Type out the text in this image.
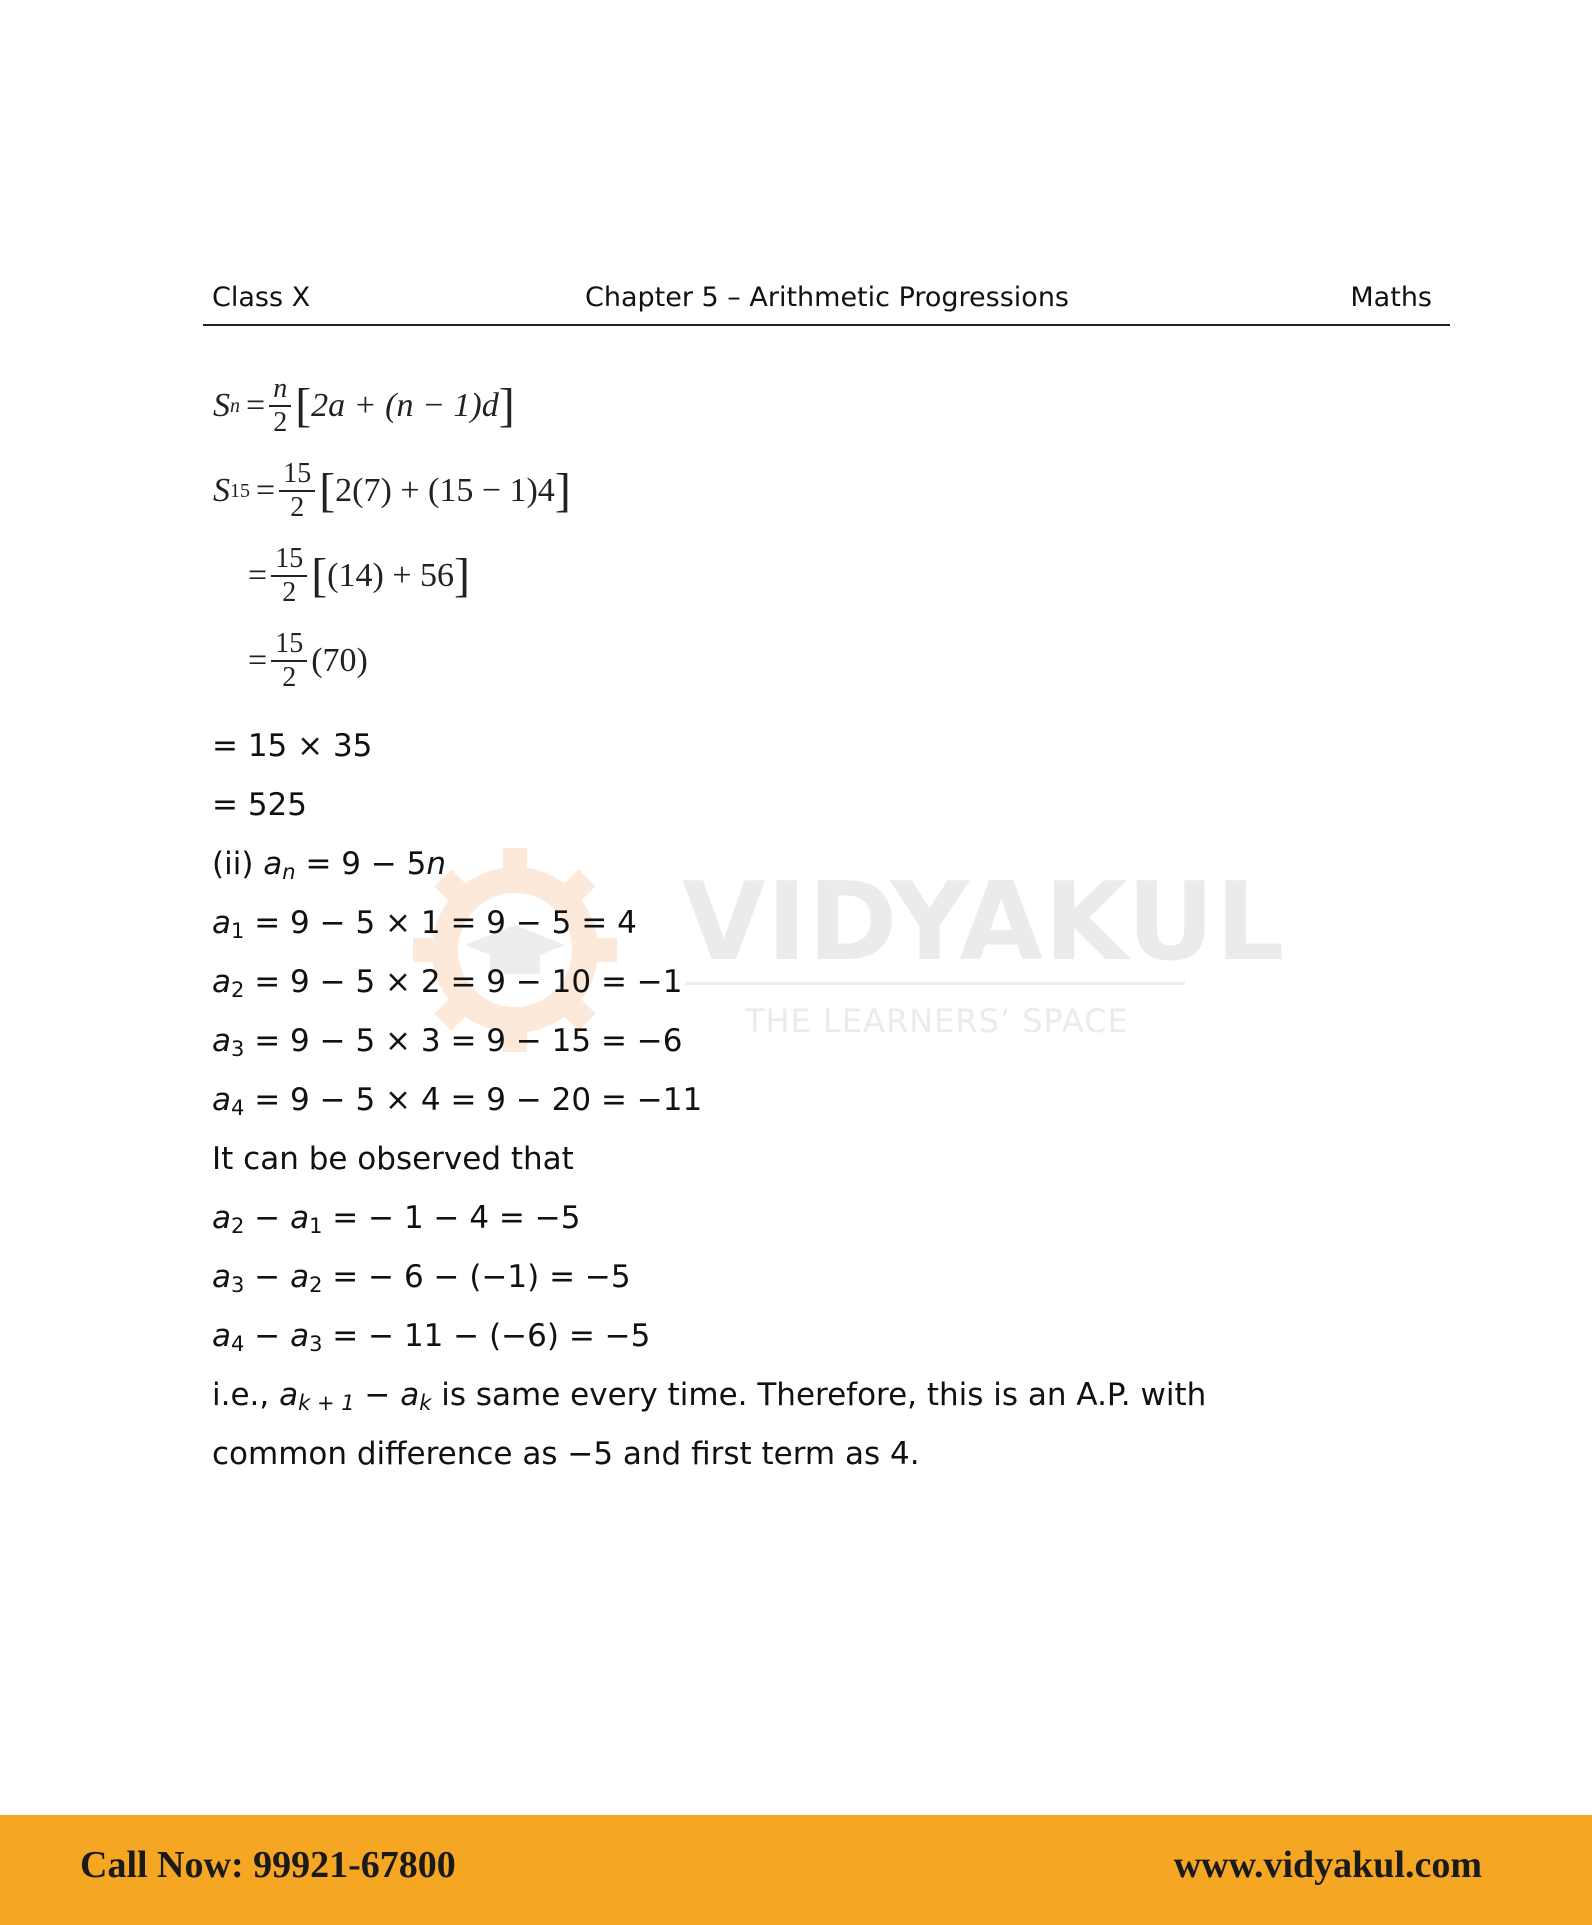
Class X	Chapter 5 – Arithmetic Progressions	Maths
VIDYAKUL
THE LEARNERS’ SPACE
S $n = \frac{n}{2}$ [ 2a + (n − 1)d ]
S $15 = \frac{15}{2}$ [ 2(7) + (15 − 1)4 ]
= $\frac{15}{2}$ [ (14) + 56 ]
= $\frac{15}{2} (70)$
= 15 × 35
= 525
(ii) $a_n = 9 - 5n$
$a_1 = 9 - 5 \times 1 = 9 - 5 = 4$
$a_2 = 9 - 5 \times 2 = 9 - 10 = -1$
$a_3 = 9 - 5 \times 3 = 9 - 15 = -6$
$a_4 = 9 - 5 \times 4 = 9 - 20 = -11$
It can be observed that
$a_2 - a_1$ = − 1 − 4 = −5
$a_3 - a_2$ = − 6 − (−1) = −5
$a_4 - a_3$ = − 11 − (−6) = −5
i.e., $a_{k + 1} - a_k$ is same every time. Therefore, this is an A.P. with
common difference as −5 and first term as 4.
Call Now: 99921-67800	www.vidyakul.com
